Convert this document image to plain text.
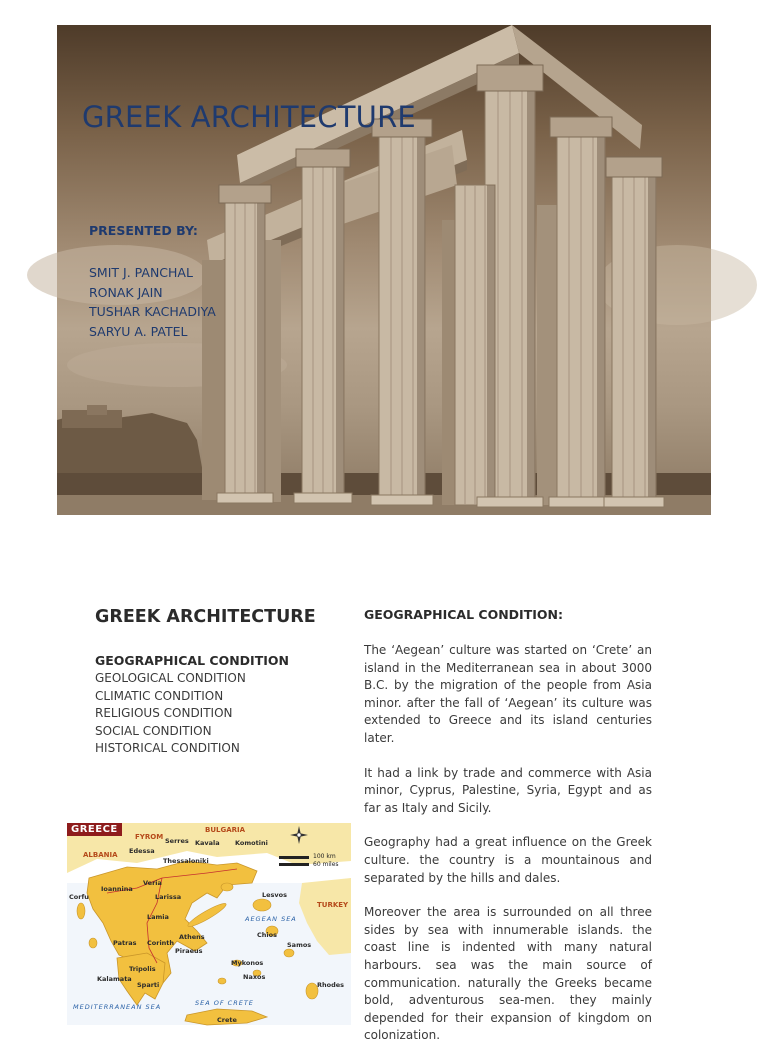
GREEK ARCHITECTURE
PRESENTED BY:
SMIT J. PANCHAL
RONAK JAIN
TUSHAR KACHADIYA
SARYU A. PATEL
GREEK ARCHITECTURE
GEOGRAPHICAL CONDITION
GEOLOGICAL CONDITION
CLIMATIC CONDITION
RELIGIOUS CONDITION
SOCIAL CONDITION
HISTORICAL CONDITION
GEOGRAPHICAL CONDITION:

The ‘Aegean’ culture was started on ‘Crete’ an island in the Mediterranean sea in about 3000 B.C. by the migration of the people from Asia minor. after the fall of ‘Aegean’ its culture was extended to Greece and its island centuries later.

It had a link by trade and commerce with Asia minor, Cyprus, Palestine, Syria, Egypt and as far as Italy and Sicily.

Geography had a great influence on the Greek culture. the country is a mountainous and separated by the hills and dales.

Moreover the area is surrounded on all three sides by sea with innumerable islands. the coast line is indented with many natural harbours. sea was the main source of communication. naturally the Greeks became bold, adventurous sea-men. they mainly depended for their expansion of kingdom on colonization.

GREECE
FYROM
BULGARIA
ALBANIA
TURKEY
AEGEAN SEA
MEDITERRANEAN SEA	SEA OF CRETE
Kavala Komotini
Serres
Edessa
Thessaloniki
Veria
Larissa
Lamia
Ioannina
Corfu
Patras Corinth
Athens
Piraeus
Tripolis
Sparti
Kalamata
Chios
Samos
Lesvos
Naxos
Mykonos
Rhodes
Crete
100 km
60 miles
